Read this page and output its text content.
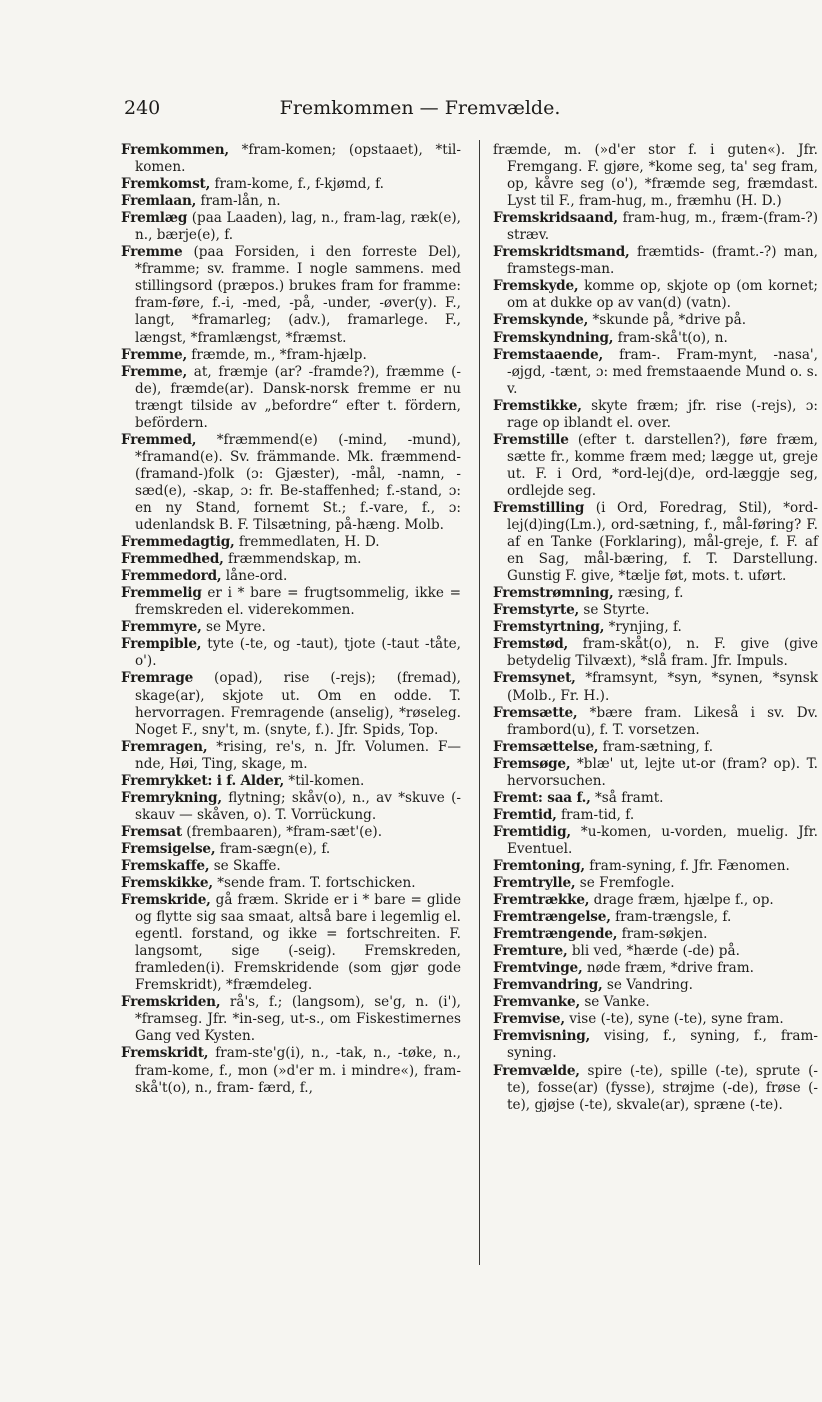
240	Fremkommen — Fremvælde.

Fremkommen, *fram-komen; (opstaaet), *til-komen.

Fremkomst, fram-kome, f., f-kjømd, f.

Fremlaan, fram-lån, n.

Fremlæg (paa Laaden), lag, n., fram-lag, ræk(e), n., bærje(e), f.

Fremme (paa Forsiden, i den forreste Del), *framme; sv. framme. I nogle sammens. med stillingsord (præpos.) brukes fram for framme: fram-føre, f.-i, -med, -på, -under, -øver(y). F., langt, *framarleg; (adv.), framarlege. F., længst, *framlængst, *fræmst.

Fremme, fræmde, m., *fram-hjælp.

Fremme, at, fræmje (ar? -framde?), fræmme (-de), fræmde(ar). Dansk-norsk fremme er nu trængt tilside av „befordre“ efter t. fördern, befördern.

Fremmed, *fræmmend(e) (-mind, -mund), *framand(e). Sv. främmande. Mk. fræmmend-(framand-)folk (ɔ: Gjæster), -mål, -namn, -sæd(e), -skap, ɔ: fr. Be-staffenhed; f.-stand, ɔ: en ny Stand, fornemt St.; f.-vare, f., ɔ: udenlandsk B. F. Tilsætning, på-hæng. Molb.

Fremmedagtig, fremmedlaten, H. D.

Fremmedhed, fræmmendskap, m.

Fremmedord, låne-ord.

Fremmelig er i * bare = frugtsommelig, ikke = fremskreden el. viderekommen.

Fremmyre, se Myre.

Frempible, tyte (-te, og -taut), tjote (-taut -tåte, o').

Fremrage (opad), rise (-rejs); (fremad), skage(ar), skjote ut. Om en odde. T. hervorragen. Fremragende (anselig), *røseleg. Noget F., sny't, m. (snyte, f.). Jfr. Spids, Top.

Fremragen, *rising, re's, n. Jfr. Volumen. F—nde, Høi, Ting, skage, m.

Fremrykket: i f. Alder, *til-komen.

Fremrykning, flytning; skåv(o), n., av *skuve (-skauv — skåven, o). T. Vorrückung.

Fremsat (frembaaren), *fram-sæt'(e).

Fremsigelse, fram-sægn(e), f.

Fremskaffe, se Skaffe.

Fremskikke, *sende fram. T. fortschicken.

Fremskride, gå fræm. Skride er i * bare = glide og flytte sig saa smaat, altså bare i legemlig el. egentl. forstand, og ikke = fortschreiten. F. langsomt, sige (-seig). Fremskreden, framleden(i). Fremskridende (som gjør gode Fremskridt), *fræmdeleg.

Fremskriden, rå's, f.; (langsom), se'g, n. (i'), *framseg. Jfr. *in-seg, ut-s., om Fiskestimernes Gang ved Kysten.

Fremskridt, fram-ste'g(i), n., -tak, n., -tøke, n., fram-kome, f., mon (»d'er m. i mindre«), fram-skå't(o), n., fram- færd, f.,

fræmde, m. (»d'er stor f. i guten«). Jfr. Fremgang. F. gjøre, *kome seg, ta' seg fram, op, kåvre seg (o'), *fræmde seg, fræmdast. Lyst til F., fram-hug, m., fræmhu (H. D.)

Fremskridsaand, fram-hug, m., fræm-(fram-?) stræv.

Fremskridtsmand, fræmtids- (framt.-?) man, framstegs-man.

Fremskyde, komme op, skjote op (om kornet; om at dukke op av van(d) (vatn).

Fremskynde, *skunde på, *drive på.

Fremskyndning, fram-skå't(o), n.

Fremstaaende, fram-. Fram-mynt, -nasa', -øjgd, -tænt, ɔ: med fremstaaende Mund o. s. v.

Fremstikke, skyte fræm; jfr. rise (-rejs), ɔ: rage op iblandt el. over.

Fremstille (efter t. darstellen?), føre fræm, sætte fr., komme fræm med; lægge ut, greje ut. F. i Ord, *ord-lej(d)e, ord-læggje seg, ordlejde seg.

Fremstilling (i Ord, Foredrag, Stil), *ord-lej(d)ing(Lm.), ord-sætning, f., mål-føring? F. af en Tanke (Forklaring), mål-greje, f. F. af en Sag, mål-bæring, f. T. Darstellung. Gunstig F. give, *tælje føt, mots. t. uført.

Fremstrømning, ræsing, f.

Fremstyrte, se Styrte.

Fremstyrtning, *rynjing, f.

Fremstød, fram-skåt(o), n. F. give (give betydelig Tilvæxt), *slå fram. Jfr. Impuls.

Fremsynet, *framsynt, *syn, *synen, *synsk (Molb., Fr. H.).

Fremsætte, *bære fram. Likeså i sv. Dv. frambord(u), f. T. vorsetzen.

Fremsættelse, fram-sætning, f.

Fremsøge, *blæ' ut, lejte ut-or (fram? op). T. hervorsuchen.

Fremt: saa f., *så framt.

Fremtid, fram-tid, f.

Fremtidig, *u-komen, u-vorden, muelig. Jfr. Eventuel.

Fremtoning, fram-syning, f. Jfr. Fænomen.

Fremtrylle, se Fremfogle.

Fremtrække, drage fræm, hjælpe f., op.

Fremtrængelse, fram-trængsle, f.

Fremtrængende, fram-søkjen.

Fremture, bli ved, *hærde (-de) på.

Fremtvinge, nøde fræm, *drive fram.

Fremvandring, se Vandring.

Fremvanke, se Vanke.

Fremvise, vise (-te), syne (-te), syne fram.

Fremvisning, vising, f., syning, f., fram-syning.

Fremvælde, spire (-te), spille (-te), sprute (-te), fosse(ar) (fysse), strøjme (-de), frøse (-te), gjøjse (-te), skvale(ar), spræne (-te).
